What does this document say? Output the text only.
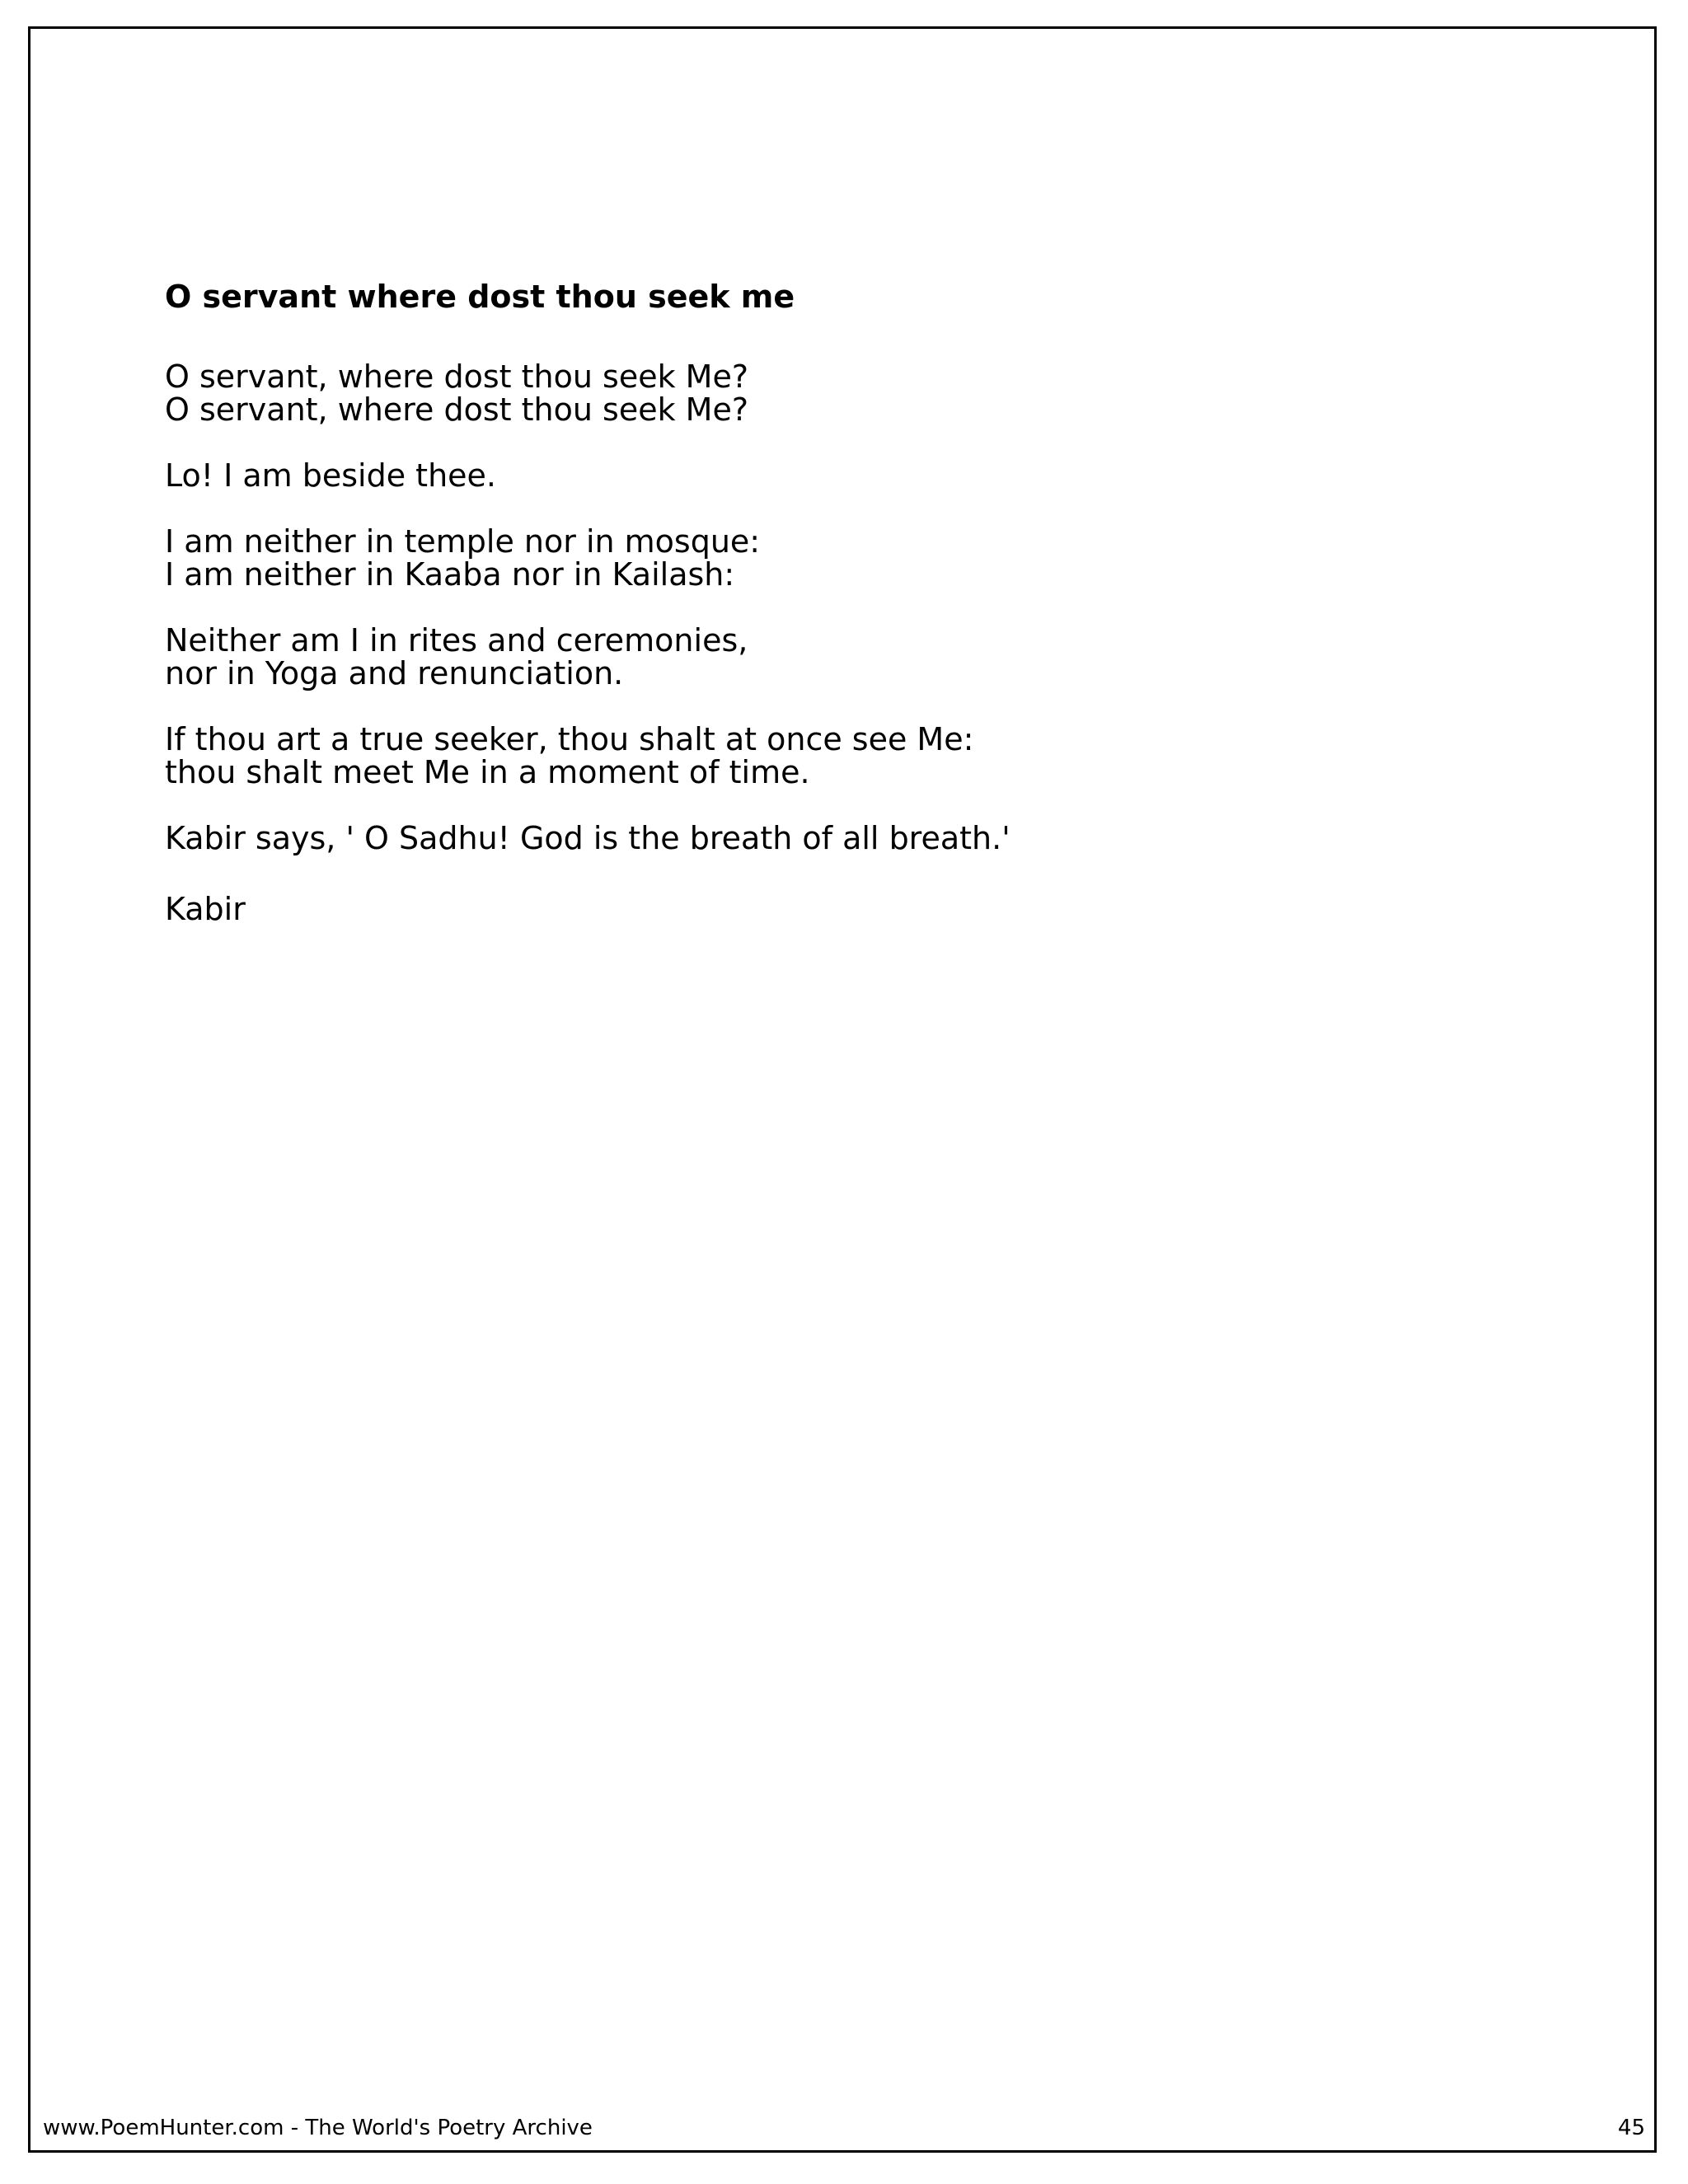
O servant where dost thou seek me

O servant, where dost thou seek Me?
O servant, where dost thou seek Me?

Lo! I am beside thee.

I am neither in temple nor in mosque:
I am neither in Kaaba nor in Kailash:

Neither am I in rites and ceremonies,
nor in Yoga and renunciation.

If thou art a true seeker, thou shalt at once see Me:
thou shalt meet Me in a moment of time.

Kabir says, ' O Sadhu! God is the breath of all breath.'

Kabir

www.PoemHunter.com - The World's Poetry Archive	45
